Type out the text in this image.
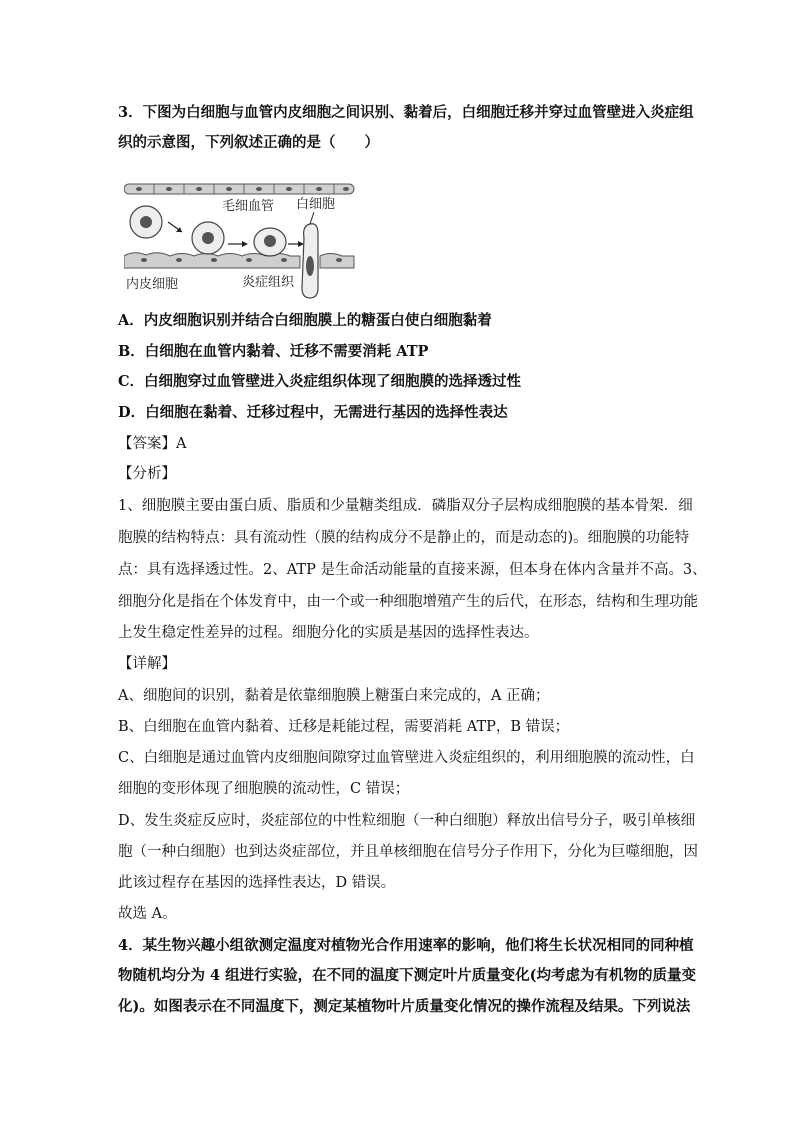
3．下图为白细胞与血管内皮细胞之间识别、黏着后，白细胞迁移并穿过血管壁进入炎症组
织的示意图，下列叙述正确的是（　　）
毛细血管 白细胞
内皮细胞	炎症组织
A．内皮细胞识别并结合白细胞膜上的糖蛋白使白细胞黏着
B．白细胞在血管内黏着、迁移不需要消耗 ATP
C．白细胞穿过血管壁进入炎症组织体现了细胞膜的选择透过性
D．白细胞在黏着、迁移过程中，无需进行基因的选择性表达
【答案】A
【分析】
1、细胞膜主要由蛋白质、脂质和少量糖类组成．磷脂双分子层构成细胞膜的基本骨架．细
胞膜的结构特点：具有流动性（膜的结构成分不是静止的，而是动态的)。细胞膜的功能特
点：具有选择透过性。2、ATP 是生命活动能量的直接来源，但本身在体内含量并不高。3、
细胞分化是指在个体发育中，由一个或一种细胞增殖产生的后代，在形态，结构和生理功能
上发生稳定性差异的过程。细胞分化的实质是基因的选择性表达。
【详解】
A、细胞间的识别，黏着是依靠细胞膜上糖蛋白来完成的，A 正确；
B、白细胞在血管内黏着、迁移是耗能过程，需要消耗 ATP，B 错误；
C、白细胞是通过血管内皮细胞间隙穿过血管壁进入炎症组织的，利用细胞膜的流动性，白
细胞的变形体现了细胞膜的流动性，C 错误；
D、发生炎症反应时，炎症部位的中性粒细胞（一种白细胞）释放出信号分子，吸引单核细
胞（一种白细胞）也到达炎症部位，并且单核细胞在信号分子作用下，分化为巨噬细胞，因
此该过程存在基因的选择性表达，D 错误。
故选 A。
4．某生物兴趣小组欲测定温度对植物光合作用速率的影响，他们将生长状况相同的同种植
物随机均分为 4 组进行实验，在不同的温度下测定叶片质量变化(均考虑为有机物的质量变
化)。如图表示在不同温度下，测定某植物叶片质量变化情况的操作流程及结果。下列说法
